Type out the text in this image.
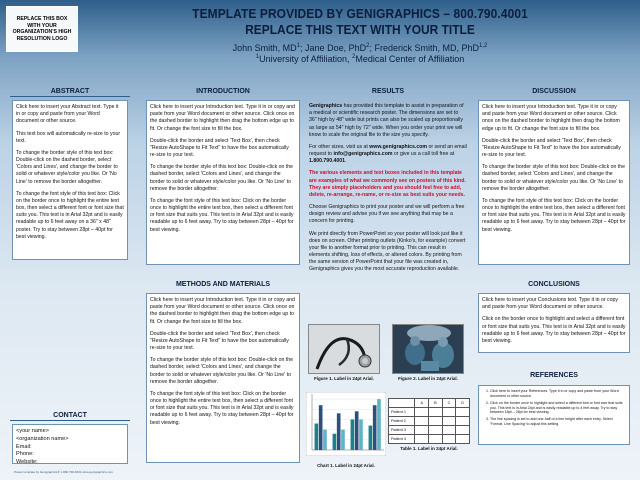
REPLACE THIS BOX WITH YOUR ORGANIZATION'S HIGH RESOLUTION LOGO
TEMPLATE PROVIDED BY GENIGRAPHICS – 800.790.4001
REPLACE THIS TEXT WITH YOUR TITLE
John Smith, $MD^1$; Jane Doe, PhD$^2$; Frederick Smith, MD, PhD$^{1,2}$
$^1$University of Affiliation, $^2$Medical Center of Affiliation
ABSTRACT

Click here to insert your Abstract text. Type it in or copy and paste from your Word document or other source.

This text box will automatically re-size to your text.

To change the border style of this text box: Double-click on the dashed border, select 'Colors and Lines', and change the border to solid or whatever style/color you like. Or 'No Line' to remove the border altogether.

To change the font style of this text box: Click on the border once to highlight the entire text box, then select a different font or font size that suits you. This text is in Arial 32pt and is easily readable up to 6 feet away on a 36" x 48" poster. Try to stay between 28pt – 40pt for best viewing.

CONTACT
<your name>
<organization name>
Email:
Phone:
Website:
Poster template by Genigraphics® 1.800.790.4001 www.genigraphics.com
INTRODUCTION

Click here to insert your Introduction text. Type it in or copy and paste from your Word document or other source. Click once on the dashed border to highlight then drag the bottom edge up to fit. Or change the font size to fill the box.

Double-click the border and select 'Text Box', then check "Resize AutoShape to Fit Text" to have the box automatically re-size to your text.

To change the border style of this text box: Double-click on the dashed border, select 'Colors and Lines', and change the border to solid or whatever style/color you like. Or 'No Line' to remove the border altogether.

To change the font style of this text box: Click on the border once to highlight the entire text box, then select a different font or font size that suits you. This text is in Arial 32pt and is easily readable up to 6 feet away. Try to stay between 28pt – 40pt for best viewing.

METHODS AND MATERIALS

Click here to insert your Introduction text. Type it in or copy and paste from your Word document or other source. Click once on the dashed border to highlight then drag the bottom edge up to fit. Or change the font size to fill the box.

Double-click the border and select 'Text Box', then check "Resize AutoShape to Fit Text" to have the box automatically re-size to your text.

To change the border style of this text box: Double-click on the dashed border, select 'Colors and Lines', and change the border to solid or whatever style/color you like. Or 'No Line' to remove the border altogether.

To change the font style of this text box: Click on the border once to highlight the entire text box, then select a different font or font size that suits you. This text is in Arial 32pt and is easily readable up to 6 feet away. Try to stay between 28pt – 40pt for best viewing.

RESULTS

Genigraphics has provided this template to assist in preparation of a medical or scientific research poster. The dimensions are set to 36" high by 48" wide but prints can also be scaled up proportionally as large as 54" high by 72" wide. When you order your print we will know to scale the original file to the size you specify.

For other sizes, visit us at www.genigraphics.com or send an email request to info@genigraphics.com or give us a call toll free at 1.800.790.4001.

The various elements and text boxes included in this template are examples of what we commonly see on posters of this kind. They are simply placeholders and you should feel free to add, delete, re-arrange, re-name, or re-size as best suits your needs.

Choose Genigraphics to print your poster and we will perform a free design review and advise you if we see anything that may be a concern for printing.

We print directly from PowerPoint so your poster will look just like it does on screen. Other printing outlets (Kinko's, for example) convert your file to another format prior to printing. This can result in elements shifting, loss of effects, or altered colors. By printing from the same version of PowerPoint that your file was created in, Genigraphics gives you the most accurate reproduction available.

Figure 1. Label in 24pt Arial.	Figure 2. Label in 24pt Arial.
Chart 1. Label in 24pt Arial.
	A	B	C	D
Patient 1				
Patient 2				
Patient 3				
Patient 4				
Table 1. Label in 24pt Arial.
DISCUSSION

Click here to insert your Introduction text. Type it in or copy and paste from your Word document or other source. Click once on the dashed border to highlight then drag the bottom edge up to fit. Or change the font size to fill the box.

Double-click the border and select 'Text Box', then check "Resize AutoShape to Fit Text" to have the box automatically re-size to your text.

To change the border style of this text box: Double-click on the dashed border, select 'Colors and Lines', and change the border to solid or whatever style/color you like. Or 'No Line' to remove the border altogether.

To change the font style of this text box: Click on the border once to highlight the entire text box, then select a different font or font size that suits you. This text is in Arial 32pt and is easily readable up to 6 feet away. Try to stay between 28pt – 40pt for best viewing.

CONCLUSIONS

Click here to insert your Conclusions text. Type it in or copy and paste from your Word document or other source.

Click on the border once to highlight and select a different font or font size that suits you. This text is in Arial 32pt and is easily readable up to 6 feet away. Try to stay between 28pt – 40pt for best viewing.

REFERENCES
1. Click here to insert your References. Type it in or copy and paste from your Word document or other source.
2. Click on the border once to highlight and select a different font or font size that suits you. This text is in Arial 24pt and is easily readable up to 4 feet away. Try to stay between 18pt – 28pt for best viewing.
3. The line spacing is set to add one-half of a line height after each entry. Select 'Format, Line Spacing' to adjust this setting.
